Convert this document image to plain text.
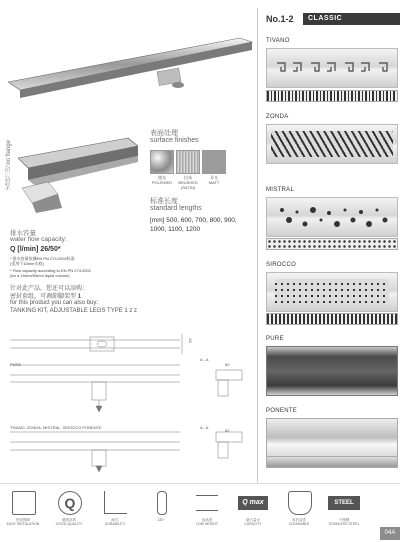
No.1-2 CLASSIC
无法兰边 no flange
表面处理
surface finishes
镜光
POLISHED
拉丝
BRUSHED (SATIN)
亚光
MATT
标准长度
standard lengths
[mm] 500, 600, 700, 800, 900,
1000, 1100, 1200
排水容量
water flow capacity:
Q [l/min] 26/50*
* 排水容量依據EN PN 274:2002标准
(适用于15mm水枕)
* Flow capacity according to EN PN 274:2002
(for a 15mm/50mm liquid column)
针对此产品，您还可以添购：
密封套组，可调節腳架型 1
for this product you can also buy:
TANKING KIT, ADJUSTABLE LEGS TYPE 1 z z
PURE
A - A
TIVANO, ZONDA, MISTRAL, SIROCCO PONENTE	A - A
60
95
62
TIVANO
ZONDA
MISTRAL
SIROCCO
PURE
PONENTE
密封保障
EASY INSTALATION
Q
優質品質
GOOD QUALITY
耐久
DURABILITY
120°	低高度
LOW HEIGHT
Q max
最大量水
CAPACITY
易於清洗
CLEANABLE
STEEL
不锈钢
STAINLESS STEEL
04A
